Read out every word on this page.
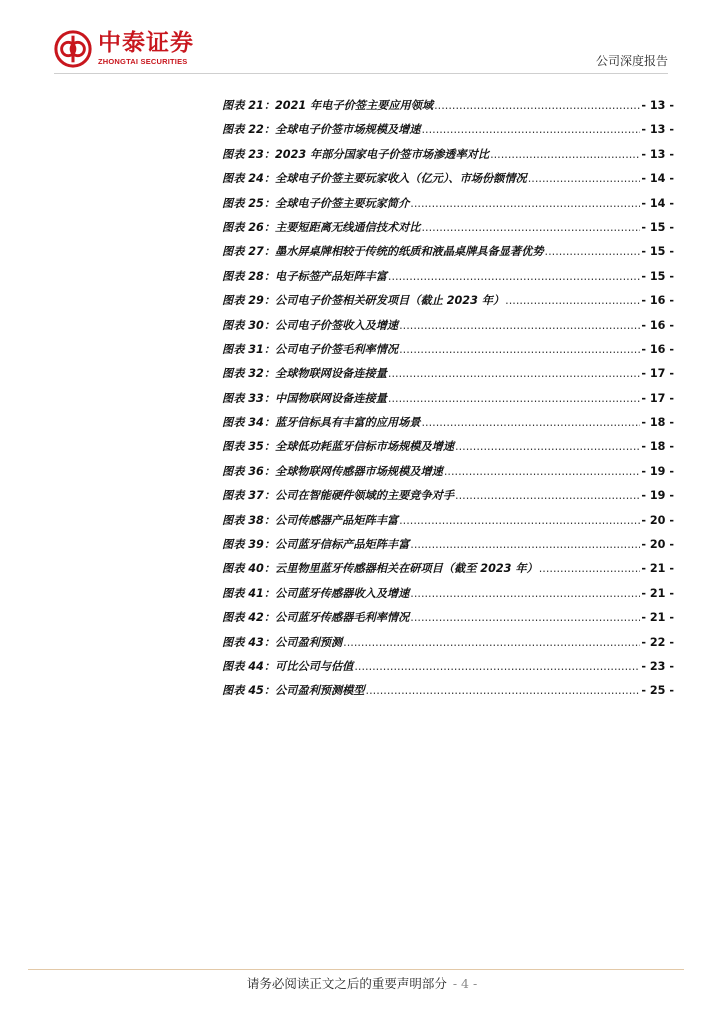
中泰证券
ZHONGTAI SECURITIES	公司深度报告
图表 21：2021 年电子价签主要应用领域 .....	- 13 -
图表 22：全球电子价签市场规模及增速 .....	- 13 -
图表 23：2023 年部分国家电子价签市场渗透率对比 .....	- 13 -
图表 24：全球电子价签主要玩家收入（亿元）、市场份额情况 .....	- 14 -
图表 25：全球电子价签主要玩家简介 .....	- 14 -
图表 26：主要短距离无线通信技术对比 .....	- 15 -
图表 27：墨水屏桌牌相较于传统的纸质和液晶桌牌具备显著优势 .....	- 15 -
图表 28：电子标签产品矩阵丰富 .....	- 15 -
图表 29：公司电子价签相关研发项目（截止 2023 年） .....	- 16 -
图表 30：公司电子价签收入及增速 .....	- 16 -
图表 31：公司电子价签毛利率情况 .....	- 16 -
图表 32：全球物联网设备连接量 .....	- 17 -
图表 33：中国物联网设备连接量 .....	- 17 -
图表 34：蓝牙信标具有丰富的应用场景 .....	- 18 -
图表 35：全球低功耗蓝牙信标市场规模及增速 .....	- 18 -
图表 36：全球物联网传感器市场规模及增速 .....	- 19 -
图表 37：公司在智能硬件领域的主要竞争对手 .....	- 19 -
图表 38：公司传感器产品矩阵丰富 .....	- 20 -
图表 39：公司蓝牙信标产品矩阵丰富 .....	- 20 -
图表 40：云里物里蓝牙传感器相关在研项目（截至 2023 年） .....	- 21 -
图表 41：公司蓝牙传感器收入及增速 .....	- 21 -
图表 42：公司蓝牙传感器毛利率情况 .....	- 21 -
图表 43：公司盈利预测 .....	- 22 -
图表 44：可比公司与估值 .....	- 23 -
图表 45：公司盈利预测模型 .....	- 25 -
请务必阅读正文之后的重要声明部分 - 4 -
